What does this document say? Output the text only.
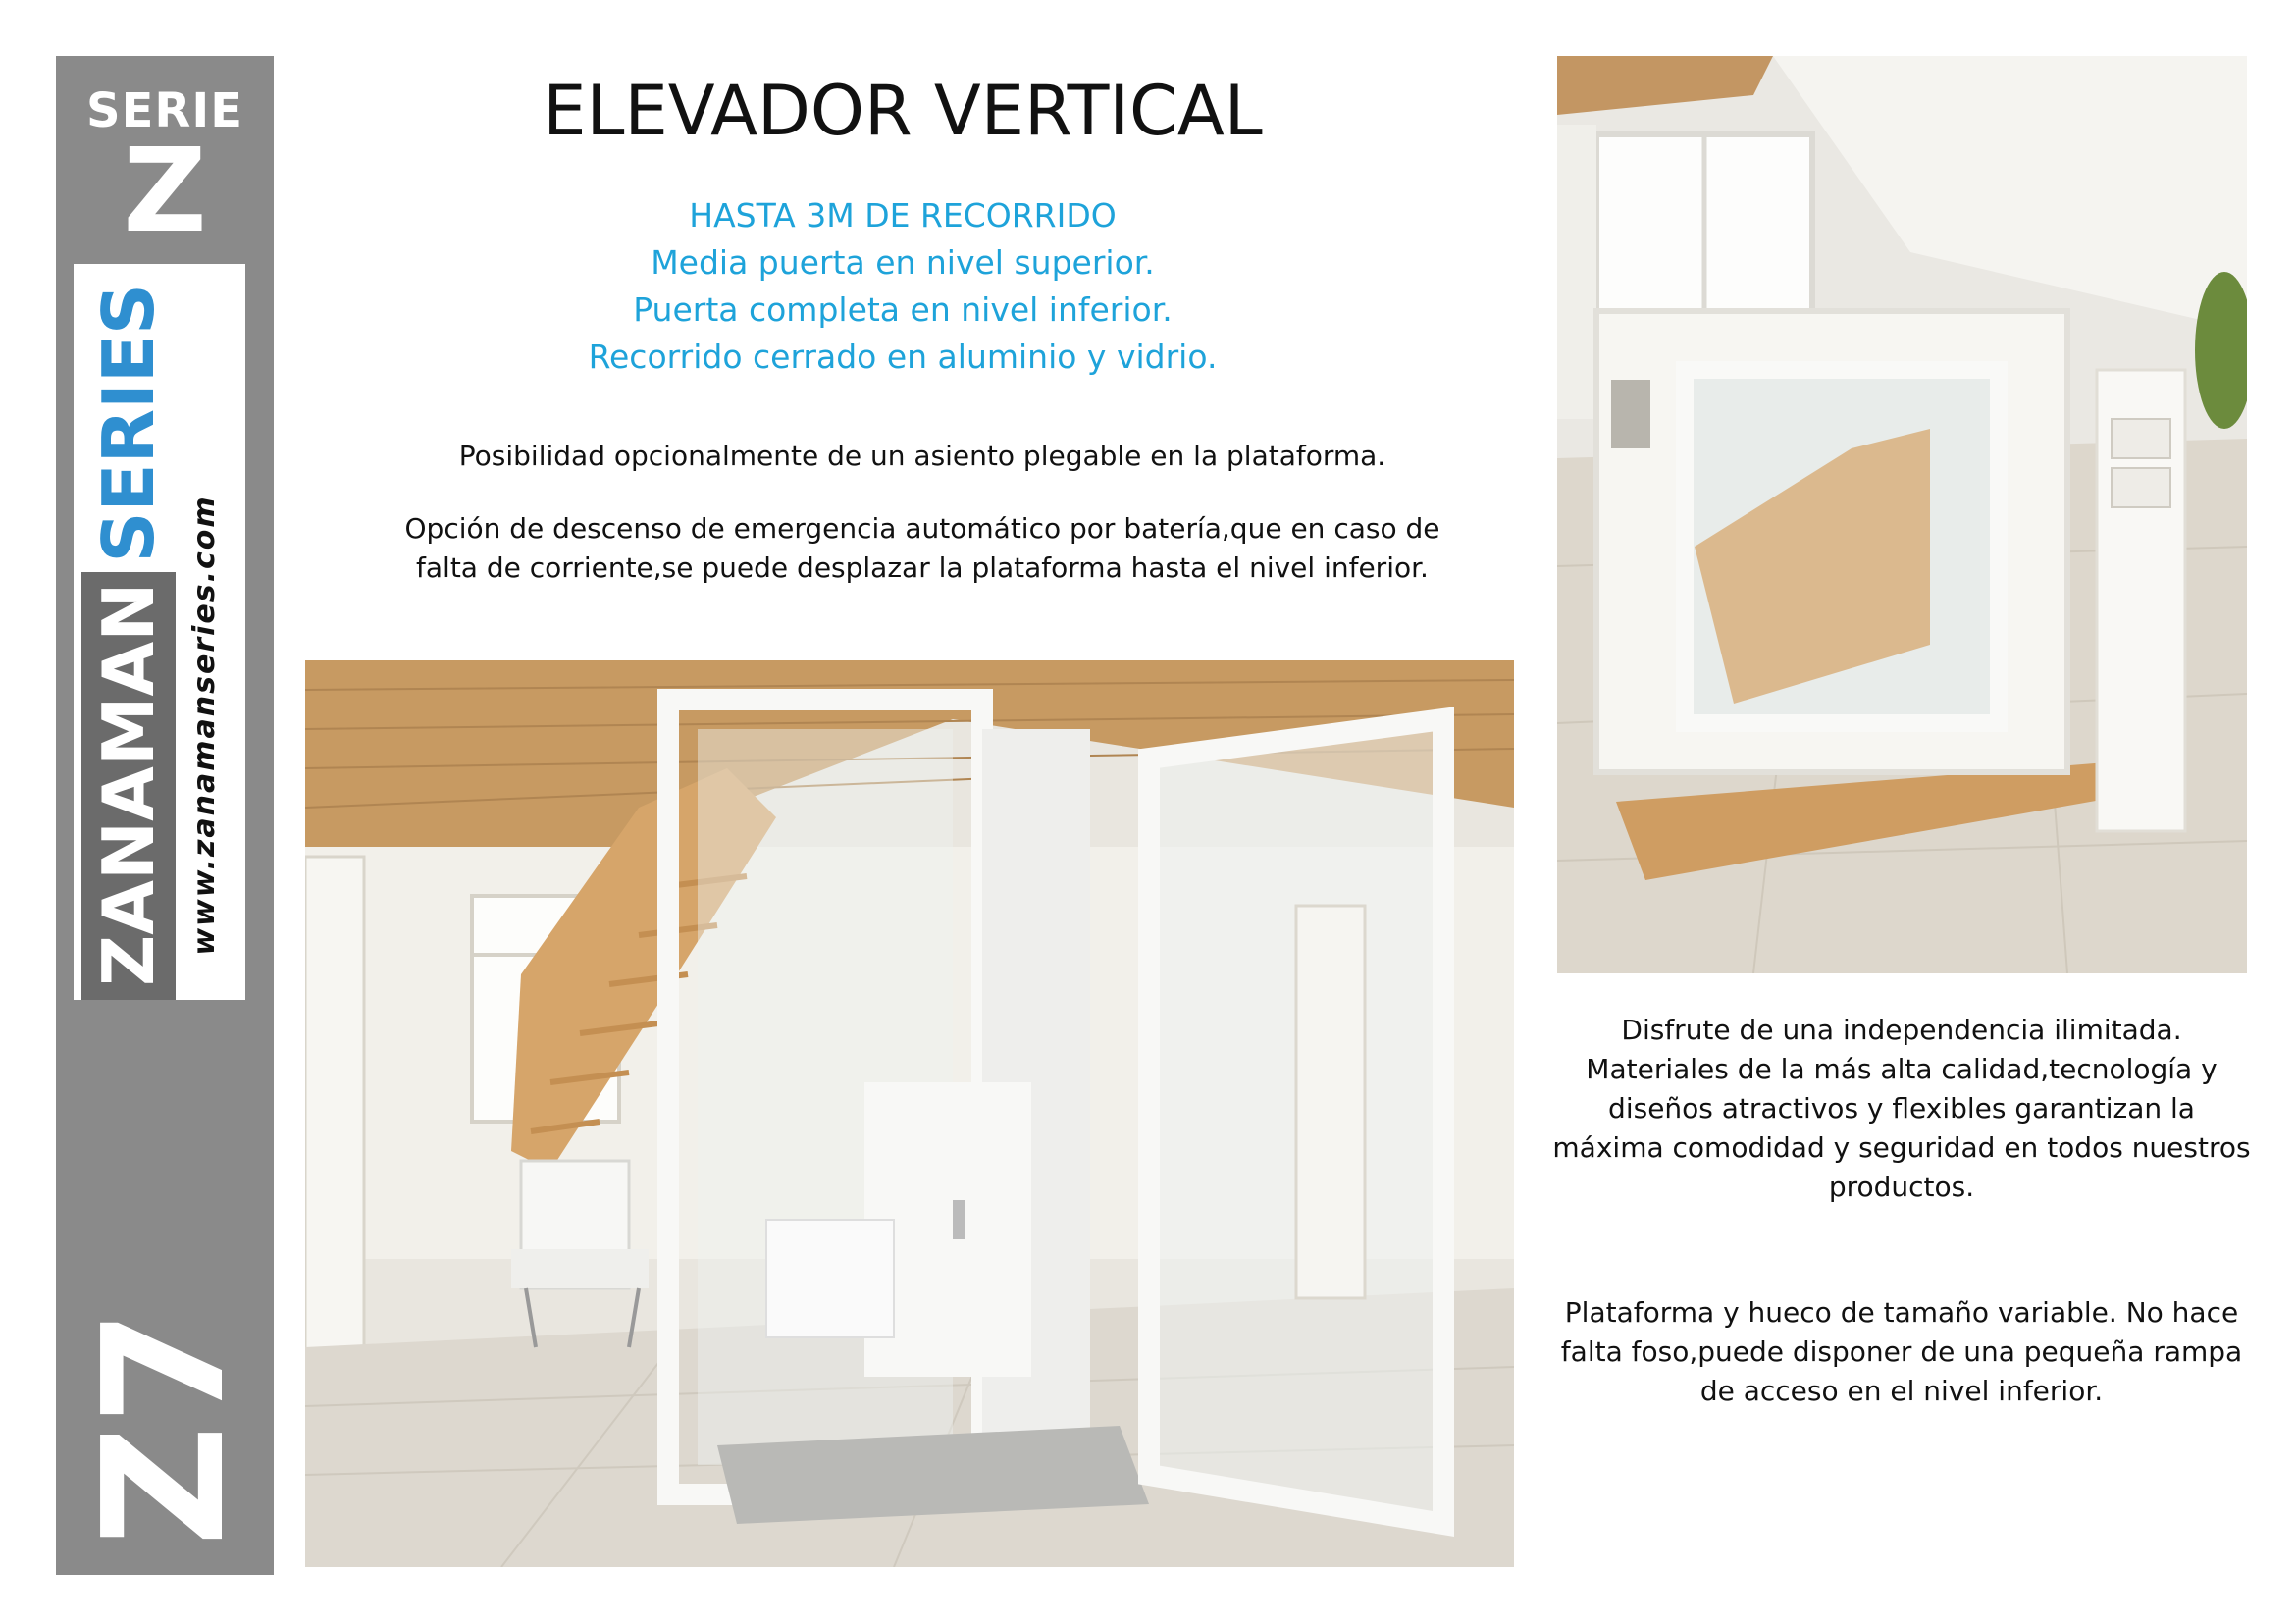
SERIE
Z
ZANAMAN
SERIES
www.zanamanseries.com
Z7
ELEVADOR VERTICAL
HASTA 3M DE RECORRIDO
Media puerta en nivel superior.
Puerta completa en nivel inferior.
Recorrido cerrado en aluminio y vidrio.

Posibilidad opcionalmente de un asiento plegable en la plataforma.

Opción de descenso de emergencia automático por batería,que en caso de falta de corriente,se puede desplazar la plataforma hasta el nivel inferior.

Disfrute de una independencia ilimitada. Materiales de la más alta calidad,tecnología y diseños atractivos y flexibles garantizan la máxima comodidad y seguridad en todos nuestros productos.

Plataforma y hueco de tamaño variable. No hace falta foso,puede disponer de una pequeña rampa de acceso en el nivel inferior.
